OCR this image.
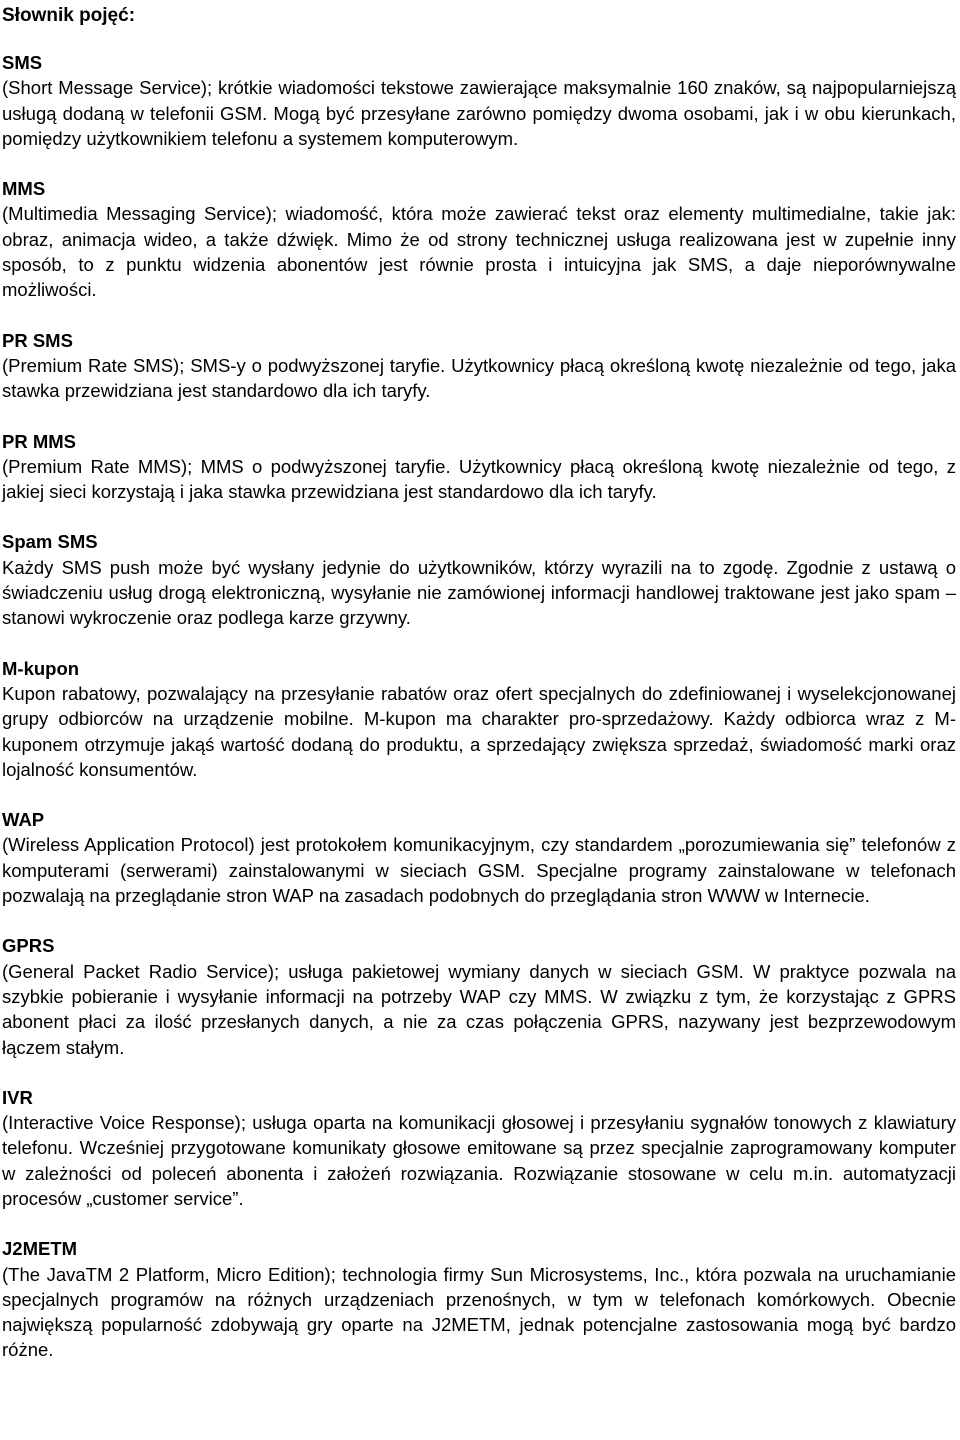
Słownik pojęć:

SMS

(Short Message Service); krótkie wiadomości tekstowe zawierające maksymalnie 160 znaków, są najpopularniejszą usługą dodaną w telefonii GSM. Mogą być przesyłane zarówno pomiędzy dwoma osobami, jak i w obu kierunkach, pomiędzy użytkownikiem telefonu a systemem komputerowym.

MMS

(Multimedia Messaging Service); wiadomość, która może zawierać tekst oraz elementy multimedialne, takie jak: obraz, animacja wideo, a także dźwięk. Mimo że od strony technicznej usługa realizowana jest w zupełnie inny sposób, to z punktu widzenia abonentów jest równie prosta i intuicyjna jak SMS, a daje nieporównywalne możliwości.

PR SMS

(Premium Rate SMS); SMS-y o podwyższonej taryfie. Użytkownicy płacą określoną kwotę niezależnie od tego, jaka stawka przewidziana jest standardowo dla ich taryfy.

PR MMS

(Premium Rate MMS); MMS o podwyższonej taryfie. Użytkownicy płacą określoną kwotę niezależnie od tego, z jakiej sieci korzystają i jaka stawka przewidziana jest standardowo dla ich taryfy.

Spam SMS

Każdy SMS push może być wysłany jedynie do użytkowników, którzy wyrazili na to zgodę. Zgodnie z ustawą o świadczeniu usług drogą elektroniczną, wysyłanie nie zamówionej informacji handlowej traktowane jest jako spam – stanowi wykroczenie oraz podlega karze grzywny.

M-kupon

Kupon rabatowy, pozwalający na przesyłanie rabatów oraz ofert specjalnych do zdefiniowanej i wyselekcjonowanej grupy odbiorców na urządzenie mobilne. M-kupon ma charakter pro-sprzedażowy. Każdy odbiorca wraz z M-kuponem otrzymuje jakąś wartość dodaną do produktu, a sprzedający zwiększa sprzedaż, świadomość marki oraz lojalność konsumentów.

WAP

(Wireless Application Protocol) jest protokołem komunikacyjnym, czy standardem „porozumiewania się” telefonów z komputerami (serwerami) zainstalowanymi w sieciach GSM. Specjalne programy zainstalowane w telefonach pozwalają na przeglądanie stron WAP na zasadach podobnych do przeglądania stron WWW w Internecie.

GPRS

(General Packet Radio Service); usługa pakietowej wymiany danych w sieciach GSM. W praktyce pozwala na szybkie pobieranie i wysyłanie informacji na potrzeby WAP czy MMS. W związku z tym, że korzystając z GPRS abonent płaci za ilość przesłanych danych, a nie za czas połączenia GPRS, nazywany jest bezprzewodowym łączem stałym.

IVR

(Interactive Voice Response); usługa oparta na komunikacji głosowej i przesyłaniu sygnałów tonowych z klawiatury telefonu. Wcześniej przygotowane komunikaty głosowe emitowane są przez specjalnie zaprogramowany komputer w zależności od poleceń abonenta i założeń rozwiązania. Rozwiązanie stosowane w celu m.in. automatyzacji procesów „customer service”.

J2METM

(The JavaTM 2 Platform, Micro Edition); technologia firmy Sun Microsystems, Inc., która pozwala na uruchamianie specjalnych programów na różnych urządzeniach przenośnych, w tym w telefonach komórkowych. Obecnie największą popularność zdobywają gry oparte na J2METM, jednak potencjalne zastosowania mogą być bardzo różne.
